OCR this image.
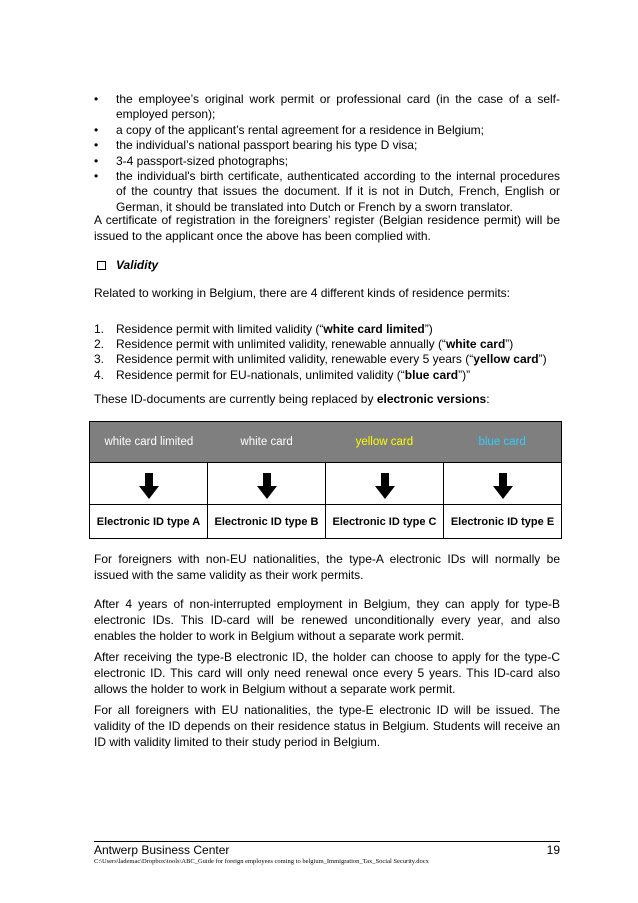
• the employee’s original work permit or professional card (in the case of a self-employed person);
• a copy of the applicant’s rental agreement for a residence in Belgium;
• the individual’s national passport bearing his type D visa;
• 3-4 passport-sized photographs;
• the individual's birth certificate, authenticated according to the internal procedures of the country that issues the document. If it is not in Dutch, French, English or German, it should be translated into Dutch or French by a sworn translator.

A certificate of registration in the foreigners’ register (Belgian residence permit) will be issued to the applicant once the above has been complied with.

Validity

Related to working in Belgium, there are 4 different kinds of residence permits:

1. Residence permit with limited validity (“white card limited”)
2. Residence permit with unlimited validity, renewable annually (“white card”)
3. Residence permit with unlimited validity, renewable every 5 years (“yellow card”)
4. Residence permit for EU-nationals, unlimited validity (“blue card”)”

These ID-documents are currently being replaced by electronic versions:

white card limited	white card	yellow card	blue card
Electronic ID type A	Electronic ID type B	Electronic ID type C	Electronic ID type E

For foreigners with non-EU nationalities, the type-A electronic IDs will normally be issued with the same validity as their work permits.

After 4 years of non-interrupted employment in Belgium, they can apply for type-B electronic IDs. This ID-card will be renewed unconditionally every year, and also enables the holder to work in Belgium without a separate work permit.

After receiving the type-B electronic ID, the holder can choose to apply for the type-C electronic ID. This card will only need renewal once every 5 years. This ID-card also allows the holder to work in Belgium without a separate work permit.

For all foreigners with EU nationalities, the type-E electronic ID will be issued. The validity of the ID depends on their residence status in Belgium. Students will receive an ID with validity limited to their study period in Belgium.

Antwerp Business Center	19
C:\Users\lademac\Dropbox\tools\ABC_Guide for foreign employees coming to belgium_Immigration_Tax_Social Security.docx
